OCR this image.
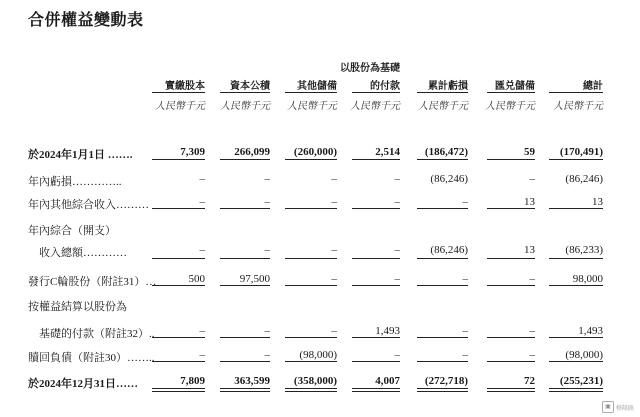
合併權益變動表
實繳股本
人民幣千元
資本公積
人民幣千元
其他儲備
人民幣千元
以股份為基礎
的付款
人民幣千元
累計虧損
人民幣千元
匯兑儲備
人民幣千元
總計
人民幣千元
於2024年1月1日 …….	7,309	266,099	(260,000)	2,514	(186,472)	59	(170,491)
年內虧損…………..	–	–	–	–	(86,246)	–	(86,246)
年內其他綜合收入………	–	–	–	–	–	13	13
年內綜合（開支）
　收入總額…………	–	–	–	–	(86,246)	13	(86,233)
發行C輪股份（附註31）…	500	97,500	–	–	–	–	98,000
按權益結算以股份為
　基礎的付款（附註32）..	–	–	–	1,493	–	–	1,493
贖回負債（附註30）……..	–	–	(98,000)	–	–	–	(98,000)
於2024年12月31日……	7,809	363,599	(358,000)	4,007	(272,718)	72	(255,231)
▣ 格隆匯
